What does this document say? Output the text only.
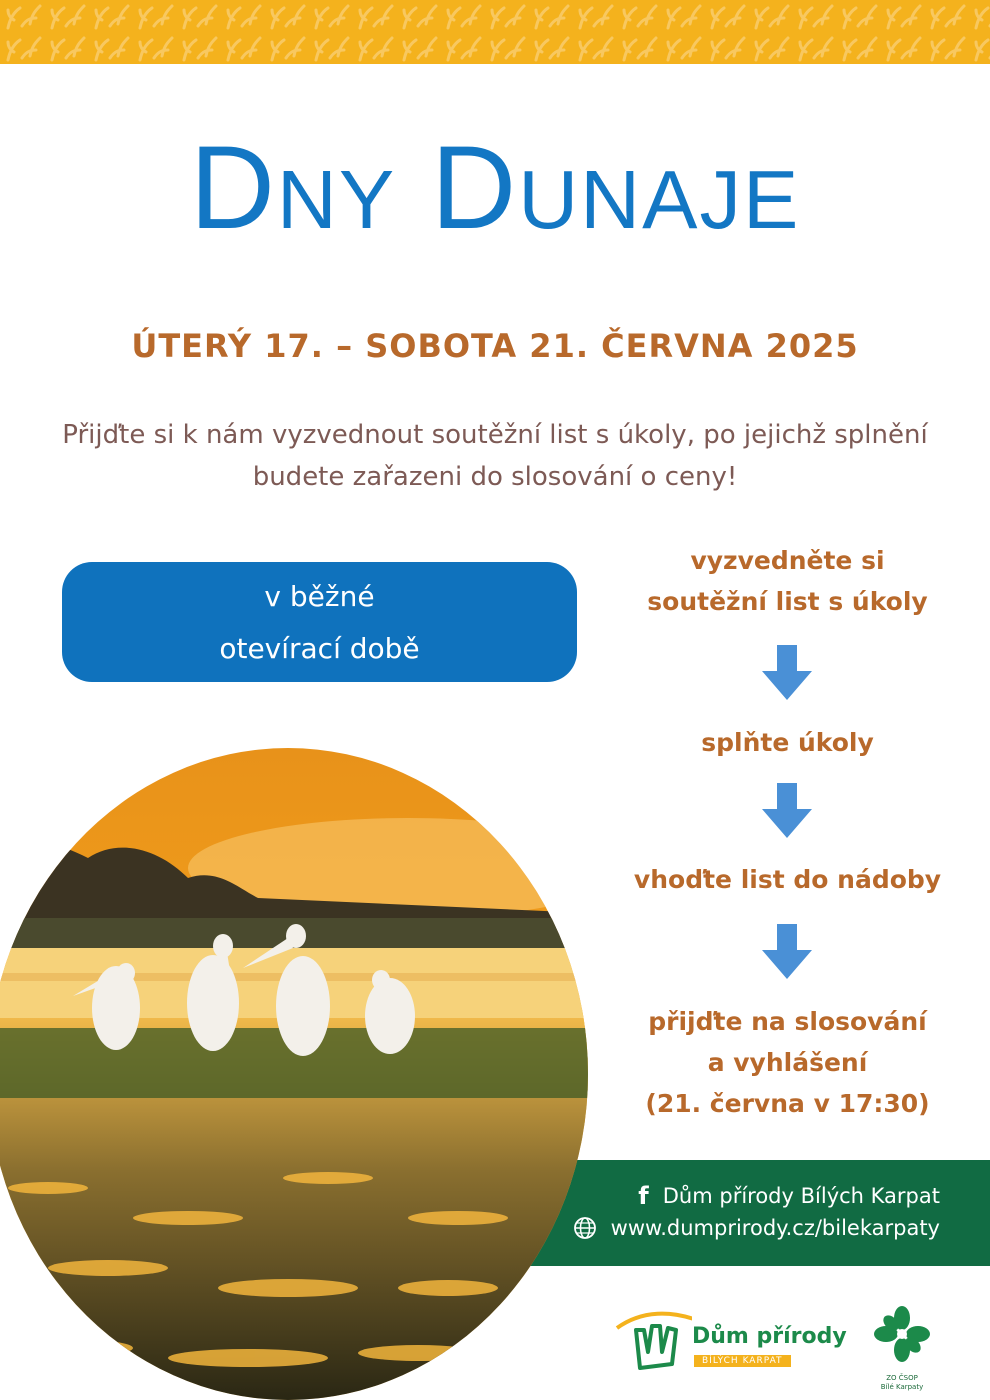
Dny Dunaje
ÚTERÝ 17. – SOBOTA 21. ČERVNA 2025
Přijďte si k nám vyzvednout soutěžní list s úkoly, po jejichž splnění budete zařazeni do slosování o ceny!
v běžné
otevírací době
vyzvedněte si
soutěžní list s úkoly
splňte úkoly
vhoďte list do nádoby
přijďte na slosování
a vyhlášení
(21. června v 17:30)
f Dům přírody Bílých Karpat
www.dumprirody.cz/bilekarpaty
Dům přírody
BÍLÝCH KARPAT
ZO ČSOP
Bílé Karpaty
